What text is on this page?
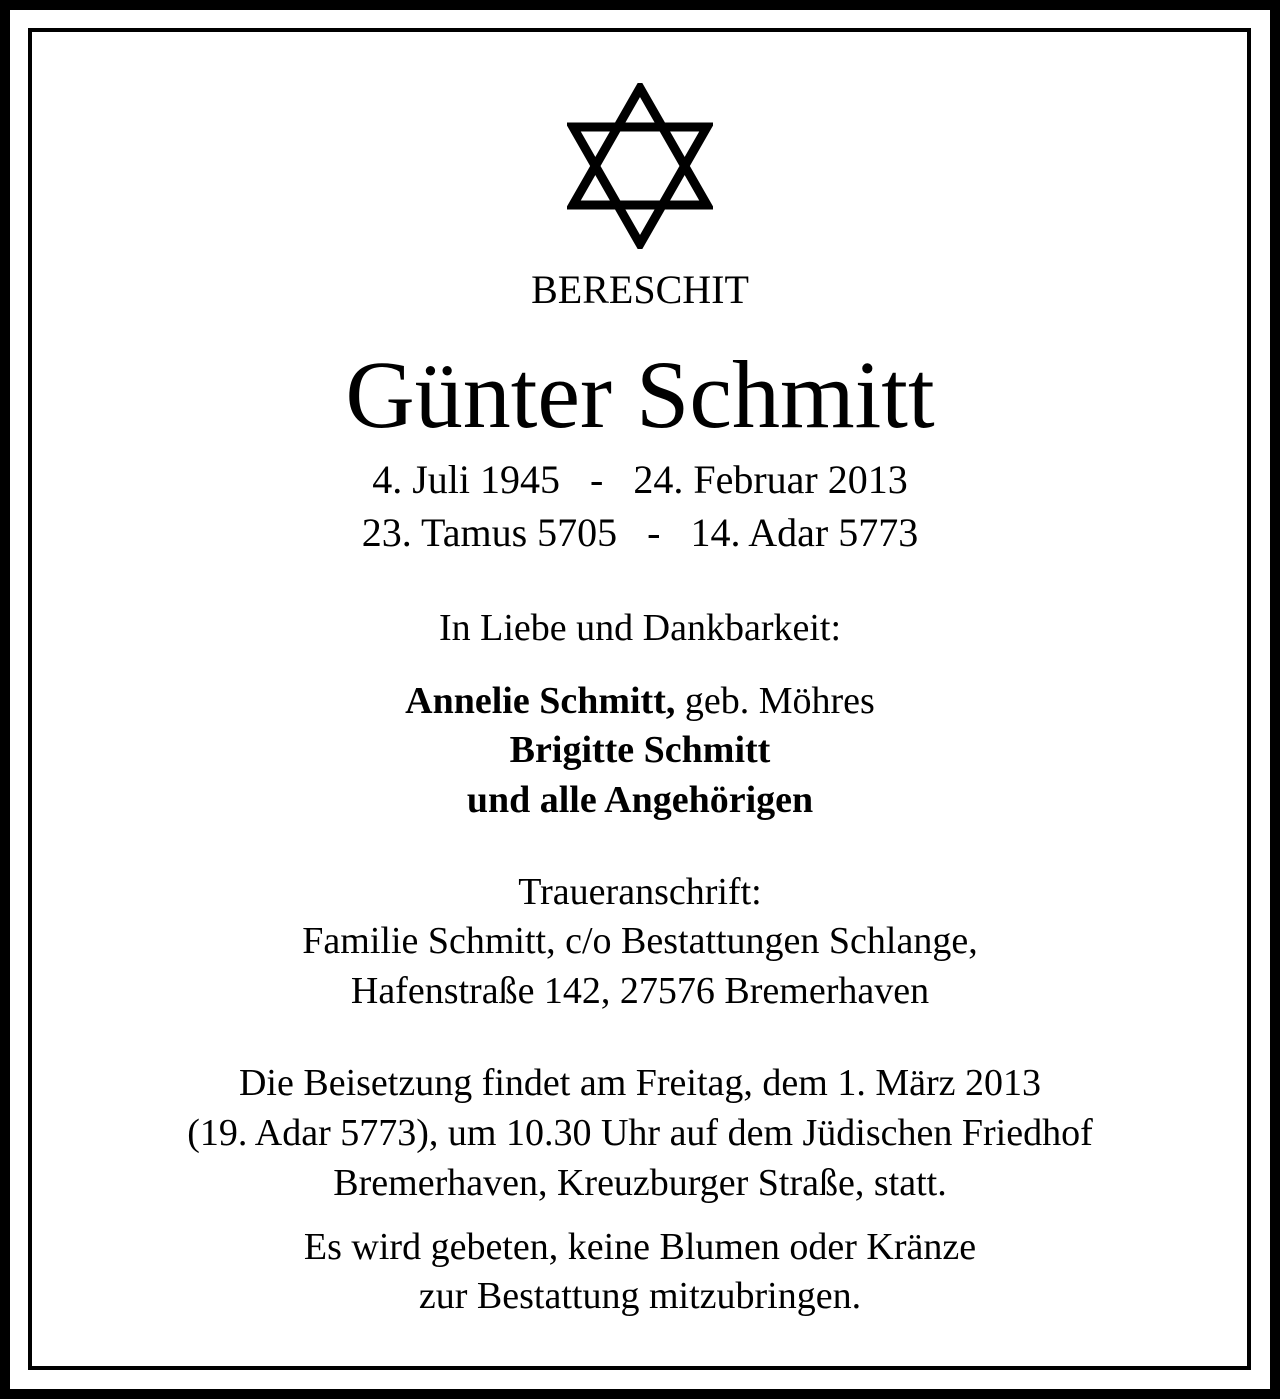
BERESCHIT
Günter Schmitt
4. Juli 1945   -   24. Februar 2013
23. Tamus 5705   -   14. Adar 5773
In Liebe und Dankbarkeit:
Annelie Schmitt, geb. Möhres
Brigitte Schmitt
und alle Angehörigen
Traueranschrift:
Familie Schmitt, c/o Bestattungen Schlange,
Hafenstraße 142, 27576 Bremerhaven
Die Beisetzung findet am Freitag, dem 1. März 2013
(19. Adar 5773), um 10.30 Uhr auf dem Jüdischen Friedhof
Bremerhaven, Kreuzburger Straße, statt.
Es wird gebeten, keine Blumen oder Kränze
zur Bestattung mitzubringen.
